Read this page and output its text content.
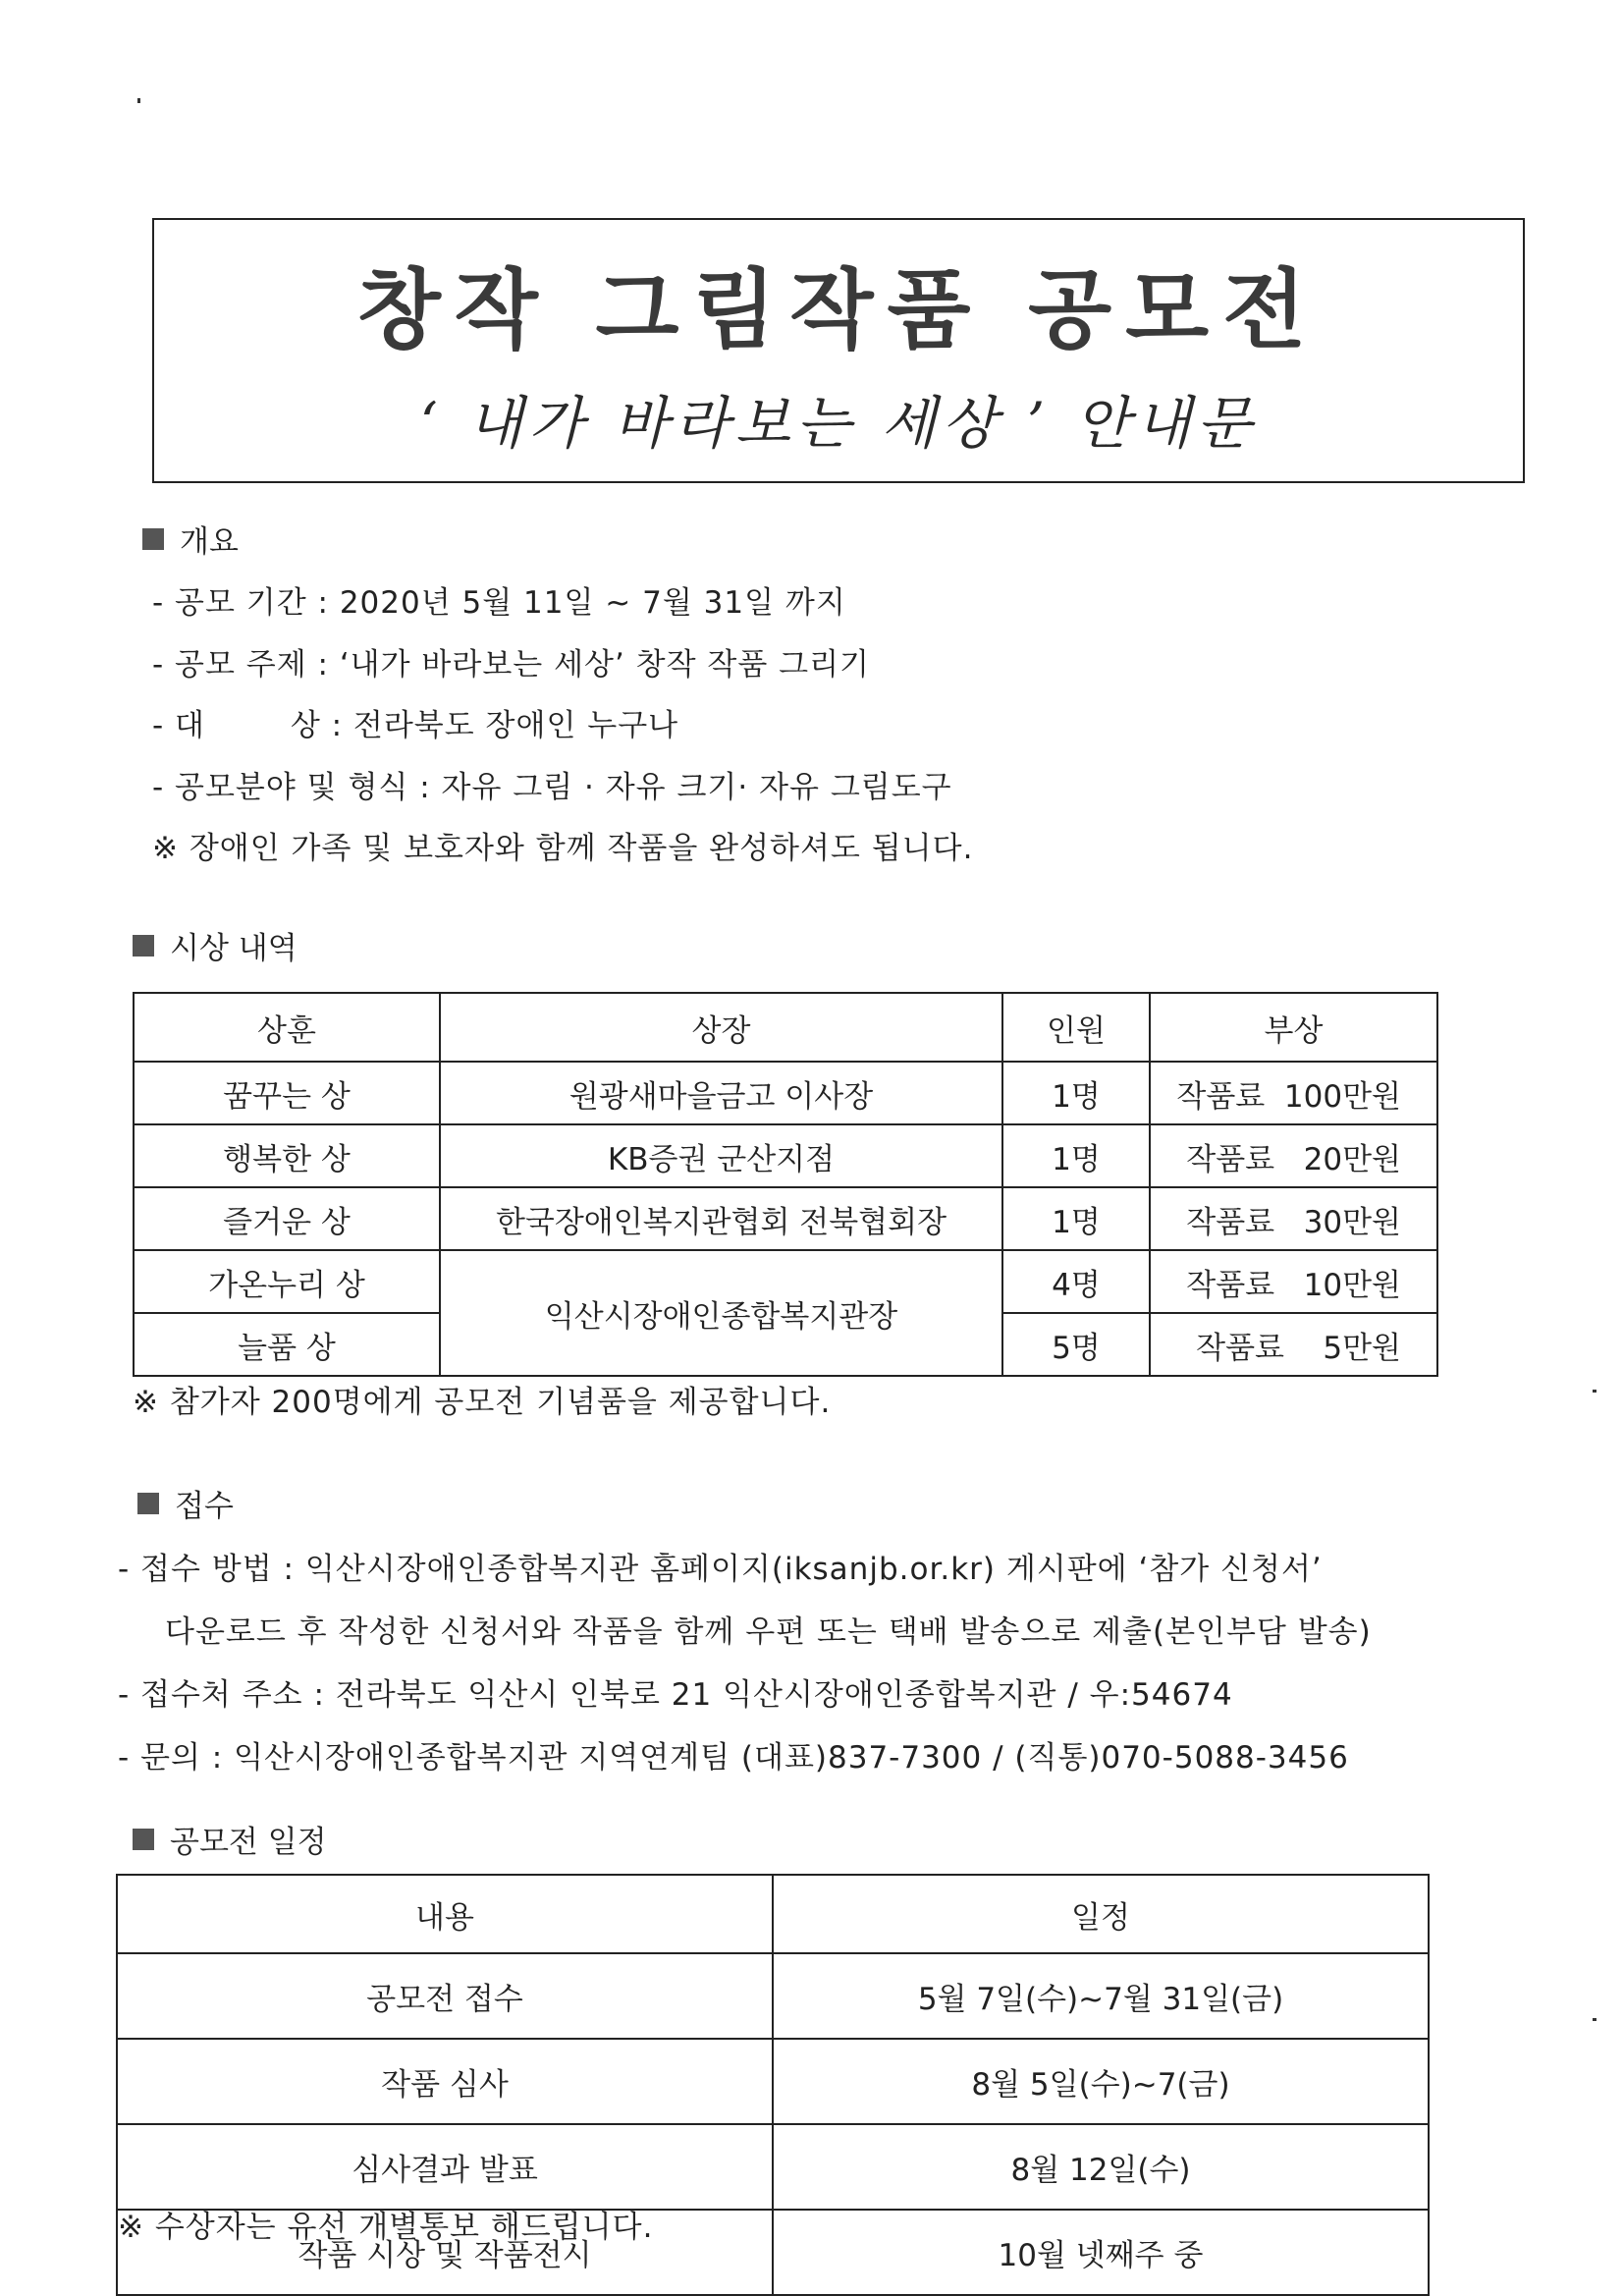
창작 그림작품 공모전
‘ 내가 바라보는 세상 ’ 안내문
개요
- 공모 기간 : 2020년 5월 11일 ~ 7월 31일 까지
- 공모 주제 : ‘내가 바라보는 세상’ 창작 작품 그리기
- 대        상 : 전라북도 장애인 누구나
- 공모분야 및 형식 : 자유 그림 · 자유 크기· 자유 그림도구
※ 장애인 가족 및 보호자와 함께 작품을 완성하셔도 됩니다.
시상 내역
상훈	상장	인원	부상
꿈꾸는 상	원광새마을금고 이사장	1명	작품료  100만원
행복한 상	KB증권 군산지점	1명	작품료   20만원
즐거운 상	한국장애인복지관협회 전북협회장	1명	작품료   30만원
가온누리 상	익산시장애인종합복지관장	4명	작품료   10만원
늘품 상		5명	작품료    5만원
※ 참가자 200명에게 공모전 기념품을 제공합니다.
접수
- 접수 방법 : 익산시장애인종합복지관 홈페이지(iksanjb.or.kr) 게시판에 ‘참가 신청서’
다운로드 후 작성한 신청서와 작품을 함께 우편 또는 택배 발송으로 제출(본인부담 발송)
- 접수처 주소 : 전라북도 익산시 인북로 21 익산시장애인종합복지관 / 우:54674
- 문의 : 익산시장애인종합복지관 지역연계팀 (대표)837-7300 / (직통)070-5088-3456
공모전 일정
내용	일정
공모전 접수	5월 7일(수)~7월 31일(금)
작품 심사	8월 5일(수)~7(금)
심사결과 발표	8월 12일(수)
작품 시상 및 작품전시	10월 넷째주 중
※ 수상자는 유선 개별통보 해드립니다.
